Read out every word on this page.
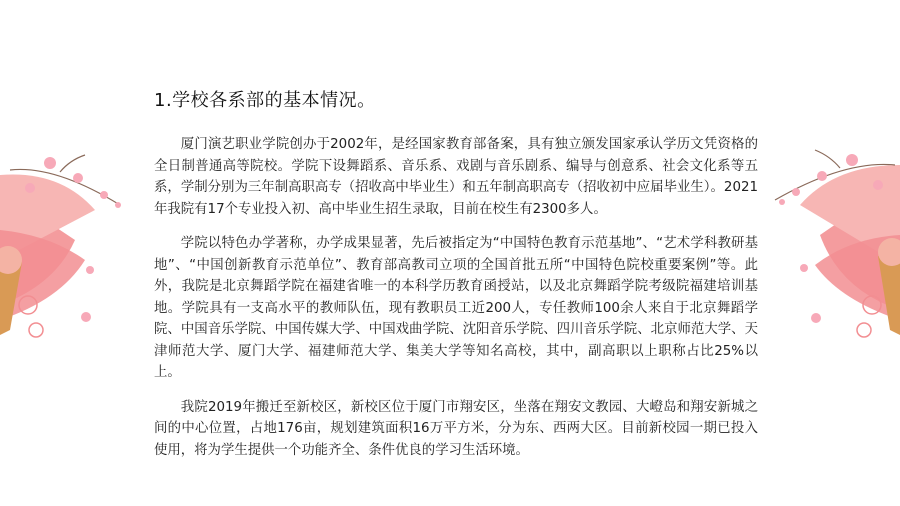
1.学校各系部的基本情况。

厦门演艺职业学院创办于2002年，是经国家教育部备案，具有独立颁发国家承认学历文凭资格的全日制普通高等院校。学院下设舞蹈系、音乐系、戏剧与音乐剧系、编导与创意系、社会文化系等五系，学制分别为三年制高职高专（招收高中毕业生）和五年制高职高专（招收初中应届毕业生）。2021年我院有17个专业投入初、高中毕业生招生录取，目前在校生有2300多人。

学院以特色办学著称，办学成果显著，先后被指定为“中国特色教育示范基地”、“艺术学科教研基地”、“中国创新教育示范单位”、教育部高教司立项的全国首批五所“中国特色院校重要案例”等。此外，我院是北京舞蹈学院在福建省唯一的本科学历教育函授站，以及北京舞蹈学院考级院福建培训基地。学院具有一支高水平的教师队伍，现有教职员工近200人，专任教师100余人来自于北京舞蹈学院、中国音乐学院、中国传媒大学、中国戏曲学院、沈阳音乐学院、四川音乐学院、北京师范大学、天津师范大学、厦门大学、福建师范大学、集美大学等知名高校，其中，副高职以上职称占比25%以上。

我院2019年搬迁至新校区，新校区位于厦门市翔安区，坐落在翔安文教园、大嶝岛和翔安新城之间的中心位置，占地176亩，规划建筑面积16万平方米，分为东、西两大区。目前新校园一期已投入使用，将为学生提供一个功能齐全、条件优良的学习生活环境。
